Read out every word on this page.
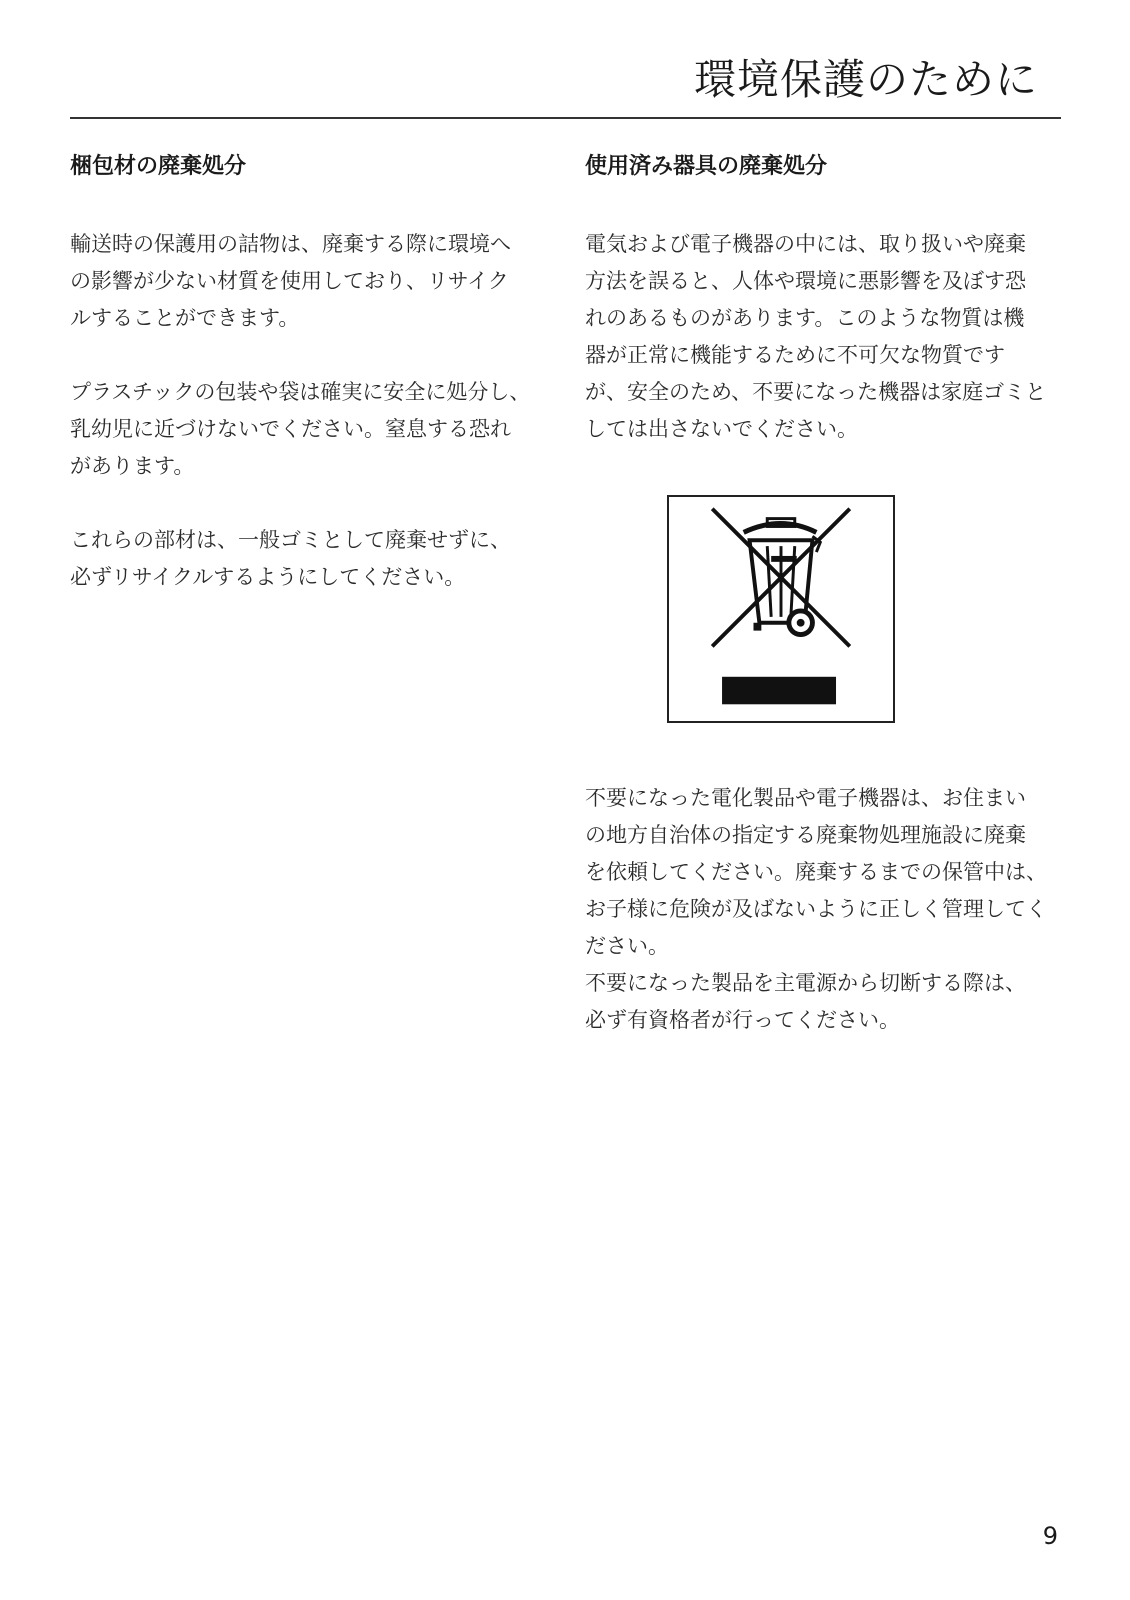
環境保護のために
梱包材の廃棄処分

輸送時の保護用の詰物は、廃棄する際に環境へ
の影響が少ない材質を使用しており、リサイク
ルすることができます。

プラスチックの包装や袋は確実に安全に処分し、
乳幼児に近づけないでください。窒息する恐れ
があります。

これらの部材は、一般ゴミとして廃棄せずに、
必ずリサイクルするようにしてください。

使用済み器具の廃棄処分

電気および電子機器の中には、取り扱いや廃棄
方法を誤ると、人体や環境に悪影響を及ぼす恐
れのあるものがあります。このような物質は機
器が正常に機能するために不可欠な物質です
が、安全のため、不要になった機器は家庭ゴミと
しては出さないでください。

不要になった電化製品や電子機器は、お住まい
の地方自治体の指定する廃棄物処理施設に廃棄
を依頼してください。廃棄するまでの保管中は、
お子様に危険が及ばないように正しく管理してく
ださい。
不要になった製品を主電源から切断する際は、
必ず有資格者が行ってください。

9
